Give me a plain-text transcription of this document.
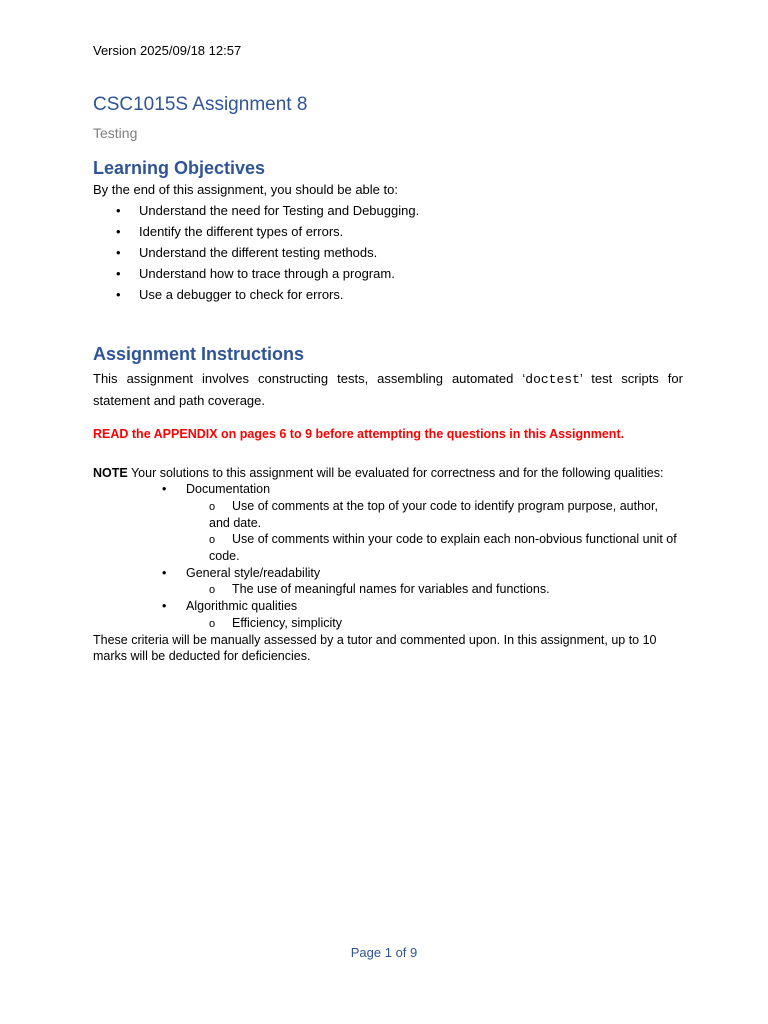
Version 2025/09/18 12:57
CSC1015S Assignment 8
Testing
Learning Objectives
By the end of this assignment, you should be able to:
• Understand the need for Testing and Debugging.
• Identify the different types of errors.
• Understand the different testing methods.
• Understand how to trace through a program.
• Use a debugger to check for errors.
Assignment Instructions
This assignment involves constructing tests, assembling automated ‘doctest’ test scripts for statement and path coverage.
READ the APPENDIX on pages 6 to 9 before attempting the questions in this Assignment.
NOTE Your solutions to this assignment will be evaluated for correctness and for the following qualities:
• Documentation
o Use of comments at the top of your code to identify program purpose, author, and date.
o Use of comments within your code to explain each non-obvious functional unit of code.
• General style/readability
o The use of meaningful names for variables and functions.
• Algorithmic qualities
o Efficiency, simplicity
These criteria will be manually assessed by a tutor and commented upon. In this assignment, up to 10 marks will be deducted for deficiencies.
Page 1 of 9
